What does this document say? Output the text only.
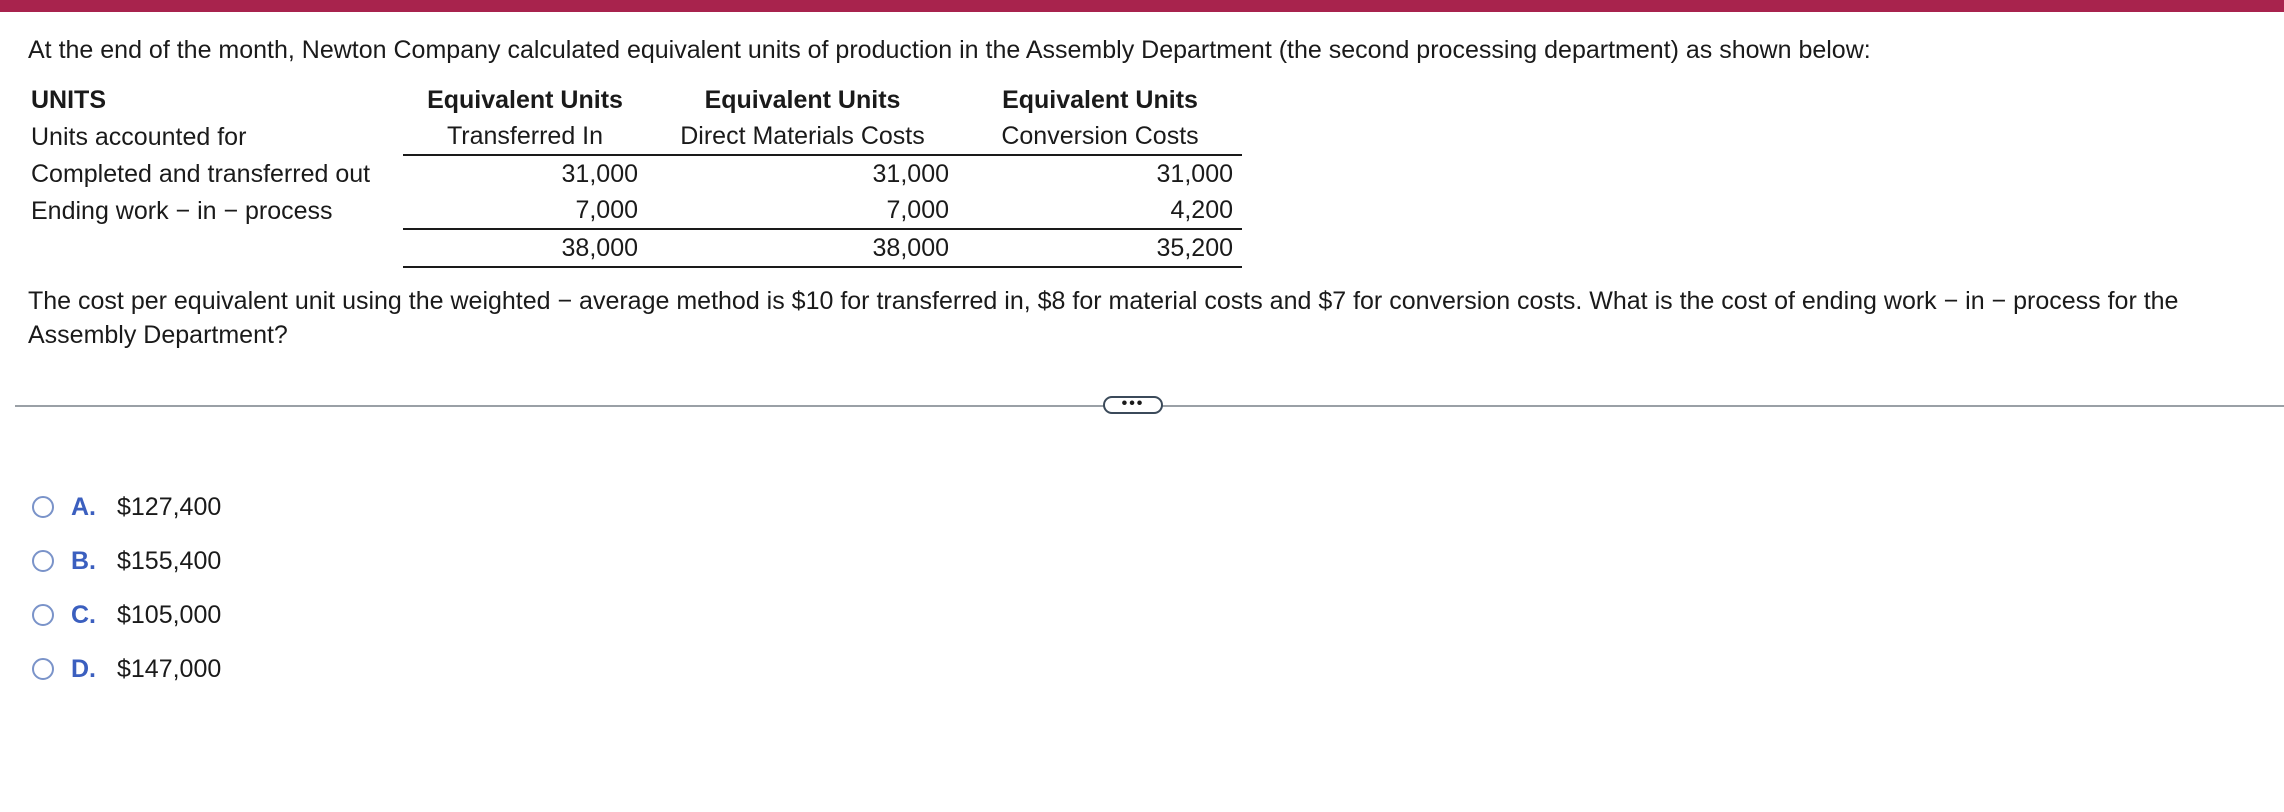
At the end of the month, Newton Company calculated equivalent units of production in the Assembly Department (the second processing department) as shown below:
UNITS	Equivalent Units	Equivalent Units	Equivalent Units
Units accounted for	Transferred In	Direct Materials Costs	Conversion Costs
Completed and transferred out	31,000	31,000	31,000
Ending work − in − process	7,000	7,000	4,200
	38,000	38,000	35,200
The cost per equivalent unit using the weighted − average method is $10 for transferred in, $8 for material costs and $7 for conversion costs. What is the cost of ending work − in − process for the Assembly Department?
•••
A. $127,400
B. $155,400
C. $105,000
D. $147,000
